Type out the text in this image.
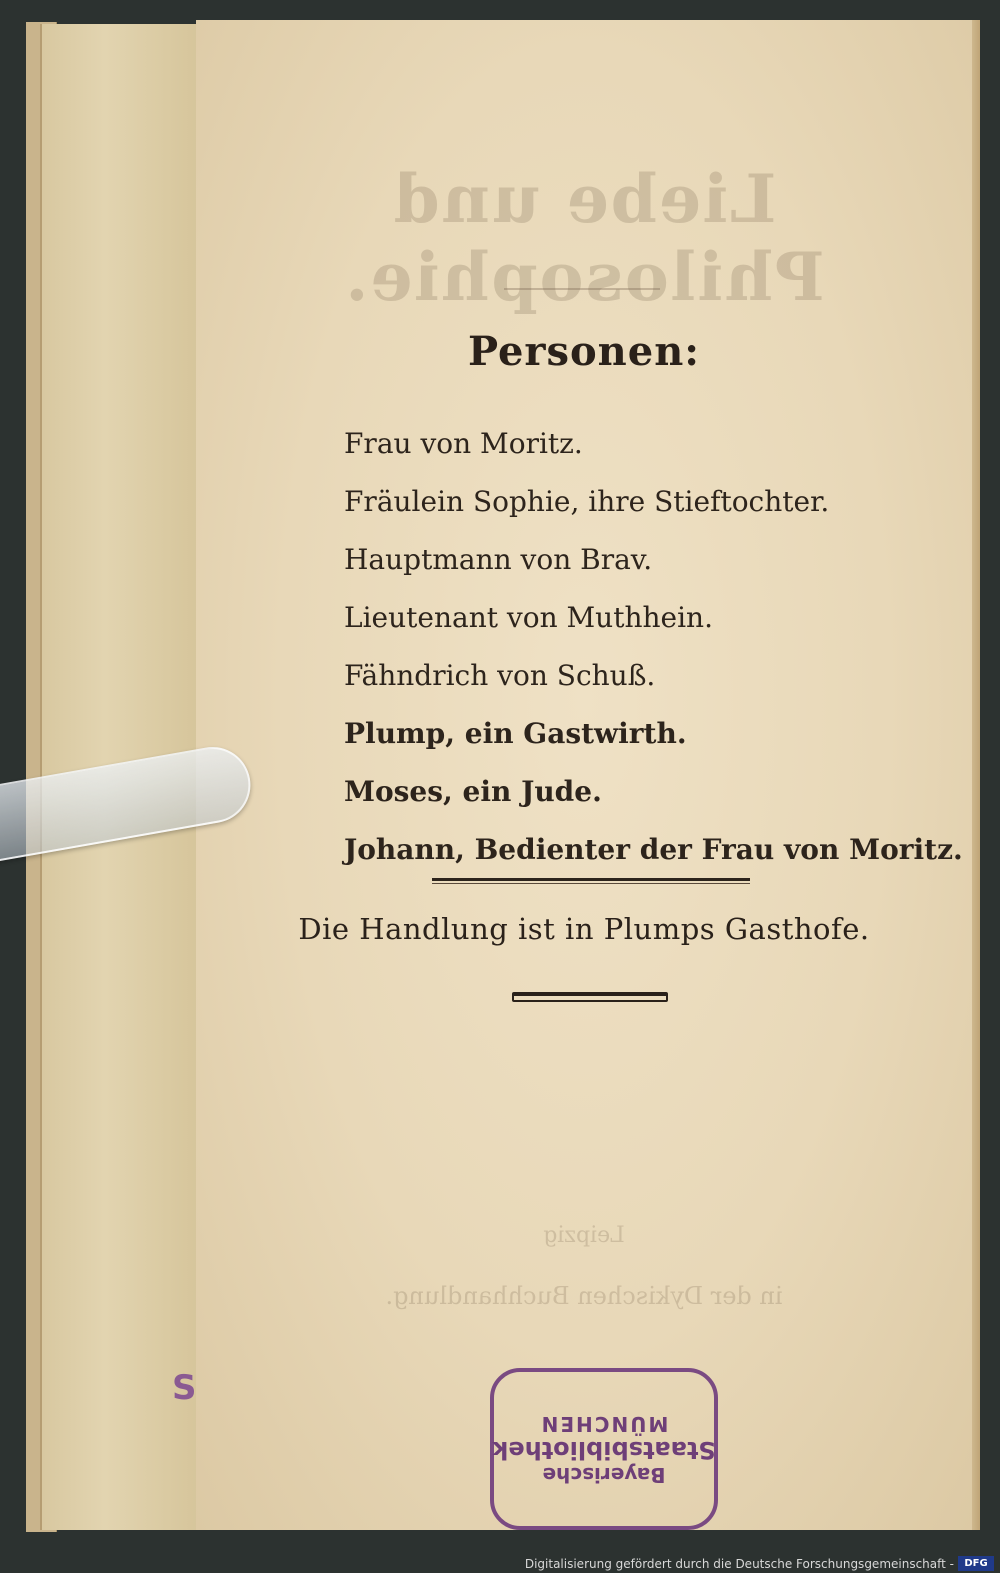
Liebe und Philosophie.
Leipzig
in der Dykischen Buchhandlung.
Personen:
Frau von Moritz.
Fräulein Sophie, ihre Stieftochter.
Hauptmann von Brav.
Lieutenant von Muthhein.
Fähndrich von Schuß.
Plump, ein Gastwirth.
Moses, ein Jude.
Johann, Bedienter der Frau von Moritz.
Die Handlung ist in Plumps Gasthofe.
Bayerische
Staatsbibliothek
MÜNCHEN
S
Digitalisierung gefördert durch die Deutsche Forschungsgemeinschaft -	DFG
